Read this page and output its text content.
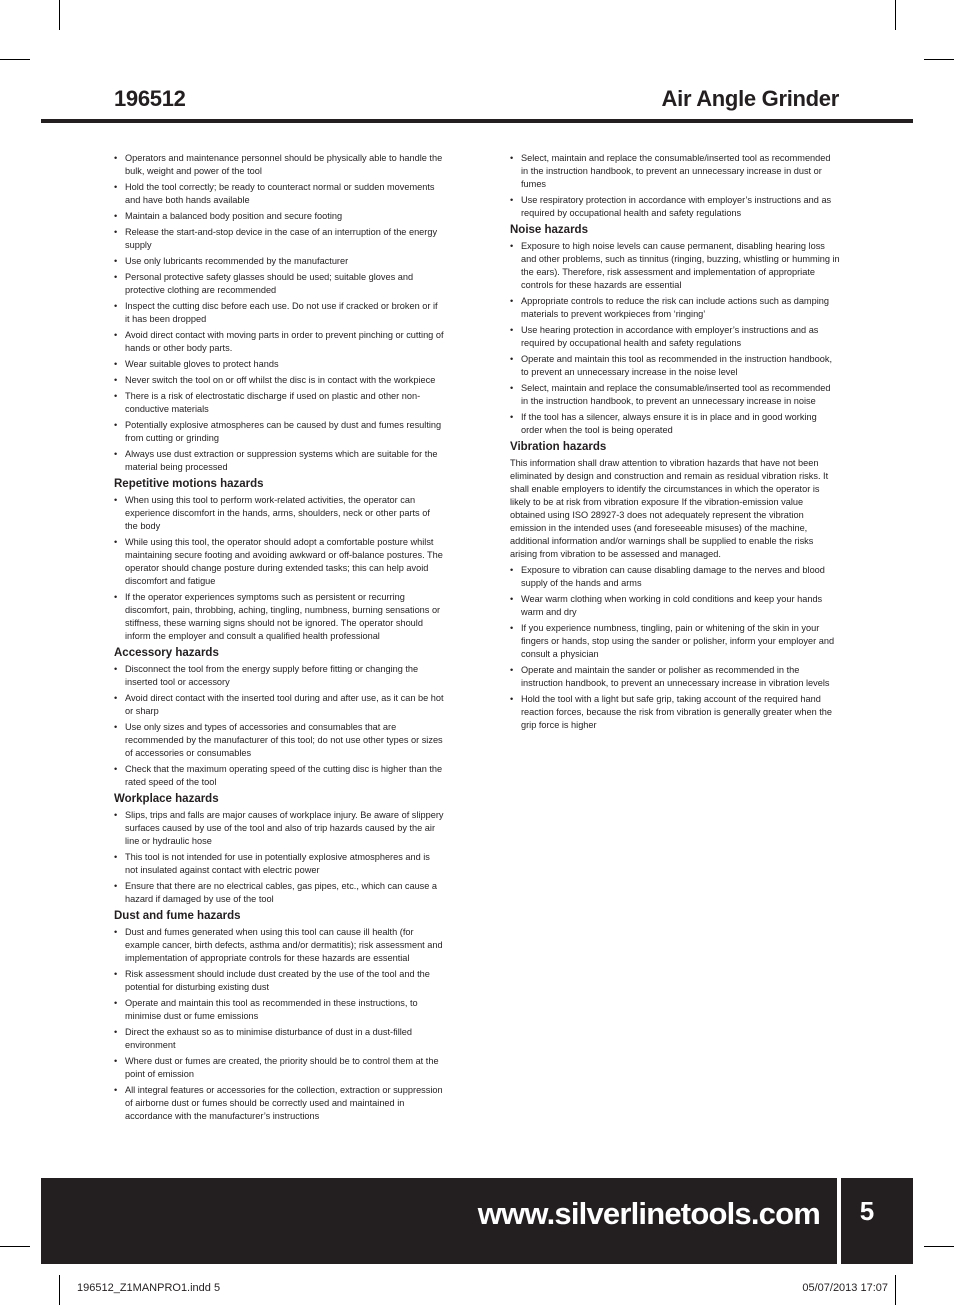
196512	Air Angle Grinder
• Operators and maintenance personnel should be physically able to handle the bulk, weight and power of the tool
• Hold the tool correctly; be ready to counteract normal or sudden movements and have both hands available
• Maintain a balanced body position and secure footing
• Release the start-and-stop device in the case of an interruption of the energy supply
• Use only lubricants recommended by the manufacturer
• Personal protective safety glasses should be used; suitable gloves and protective clothing are recommended
• Inspect the cutting disc before each use. Do not use if cracked or broken or if it has been dropped
• Avoid direct contact with moving parts in order to prevent pinching or cutting of hands or other body parts.
• Wear suitable gloves to protect hands
• Never switch the tool on or off whilst the disc is in contact with the workpiece
• There is a risk of electrostatic discharge if used on plastic and other non-conductive materials
• Potentially explosive atmospheres can be caused by dust and fumes resulting from cutting or grinding
• Always use dust extraction or suppression systems which are suitable for the material being processed
Repetitive motions hazards
• When using this tool to perform work-related activities, the operator can experience discomfort in the hands, arms, shoulders, neck or other parts of the body
• While using this tool, the operator should adopt a comfortable posture whilst maintaining secure footing and avoiding awkward or off-balance postures. The operator should change posture during extended tasks; this can help avoid discomfort and fatigue
• If the operator experiences symptoms such as persistent or recurring discomfort, pain, throbbing, aching, tingling, numbness, burning sensations or stiffness, these warning signs should not be ignored. The operator should inform the employer and consult a qualified health professional
Accessory hazards
• Disconnect the tool from the energy supply before fitting or changing the inserted tool or accessory
• Avoid direct contact with the inserted tool during and after use, as it can be hot or sharp
• Use only sizes and types of accessories and consumables that are recommended by the manufacturer of this tool; do not use other types or sizes of accessories or consumables
• Check that the maximum operating speed of the cutting disc is higher than the rated speed of the tool
Workplace hazards
• Slips, trips and falls are major causes of workplace injury. Be aware of slippery surfaces caused by use of the tool and also of trip hazards caused by the air line or hydraulic hose
• This tool is not intended for use in potentially explosive atmospheres and is not insulated against contact with electric power
• Ensure that there are no electrical cables, gas pipes, etc., which can cause a hazard if damaged by use of the tool
Dust and fume hazards
• Dust and fumes generated when using this tool can cause ill health (for example cancer, birth defects, asthma and/or dermatitis); risk assessment and implementation of appropriate controls for these hazards are essential
• Risk assessment should include dust created by the use of the tool and the potential for disturbing existing dust
• Operate and maintain this tool as recommended in these instructions, to minimise dust or fume emissions
• Direct the exhaust so as to minimise disturbance of dust in a dust-filled environment
• Where dust or fumes are created, the priority should be to control them at the point of emission
• All integral features or accessories for the collection, extraction or suppression of airborne dust or fumes should be correctly used and maintained in accordance with the manufacturer’s instructions
• Select, maintain and replace the consumable/inserted tool as recommended in the instruction handbook, to prevent an unnecessary increase in dust or fumes
• Use respiratory protection in accordance with employer’s instructions and as required by occupational health and safety regulations
Noise hazards
• Exposure to high noise levels can cause permanent, disabling hearing loss and other problems, such as tinnitus (ringing, buzzing, whistling or humming in the ears). Therefore, risk assessment and implementation of appropriate controls for these hazards are essential
• Appropriate controls to reduce the risk can include actions such as damping materials to prevent workpieces from ‘ringing’
• Use hearing protection in accordance with employer’s instructions and as required by occupational health and safety regulations
• Operate and maintain this tool as recommended in the instruction handbook, to prevent an unnecessary increase in the noise level
• Select, maintain and replace the consumable/inserted tool as recommended in the instruction handbook, to prevent an unnecessary increase in noise
• If the tool has a silencer, always ensure it is in place and in good working order when the tool is being operated
Vibration hazards

This information shall draw attention to vibration hazards that have not been eliminated by design and construction and remain as residual vibration risks. It shall enable employers to identify the circumstances in which the operator is likely to be at risk from vibration exposure If the vibration-emission value obtained using ISO 28927-3 does not adequately represent the vibration emission in the intended uses (and foreseeable misuses) of the machine, additional information and/or warnings shall be supplied to enable the risks arising from vibration to be assessed and managed.

• Exposure to vibration can cause disabling damage to the nerves and blood supply of the hands and arms
• Wear warm clothing when working in cold conditions and keep your hands warm and dry
• If you experience numbness, tingling, pain or whitening of the skin in your fingers or hands, stop using the sander or polisher, inform your employer and consult a physician
• Operate and maintain the sander or polisher as recommended in the instruction handbook, to prevent an unnecessary increase in vibration levels
• Hold the tool with a light but safe grip, taking account of the required hand reaction forces, because the risk from vibration is generally greater when the grip force is higher
www.silverlinetools.com	5
196512_Z1MANPRO1.indd 5	05/07/2013 17:07
